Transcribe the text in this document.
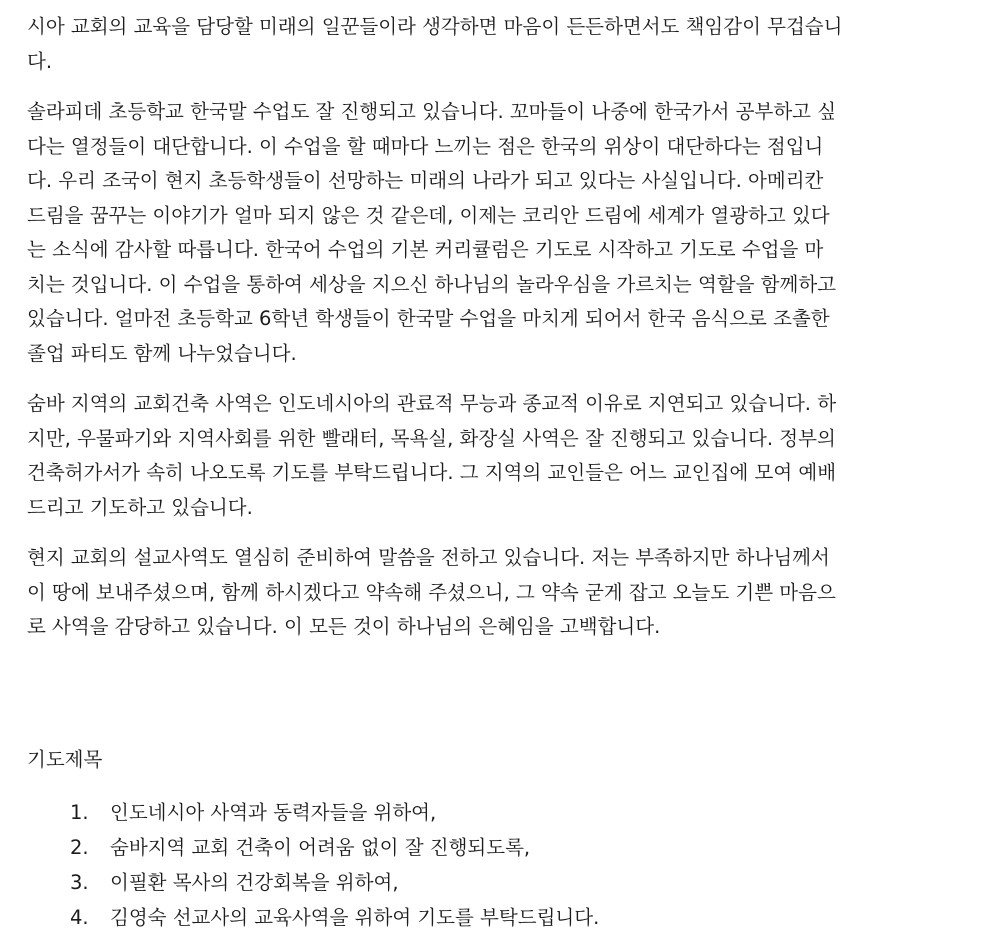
시아 교회의 교육을 담당할 미래의 일꾼들이라 생각하면 마음이 든든하면서도 책임감이 무겁습니
다.

솔라피데 초등학교 한국말 수업도 잘 진행되고 있습니다. 꼬마들이 나중에 한국가서 공부하고 싶
다는 열정들이 대단합니다. 이 수업을 할 때마다 느끼는 점은 한국의 위상이 대단하다는 점입니
다. 우리 조국이 현지 초등학생들이 선망하는 미래의 나라가 되고 있다는 사실입니다. 아메리칸
드림을 꿈꾸는 이야기가 얼마 되지 않은 것 같은데, 이제는 코리안 드림에 세계가 열광하고 있다
는 소식에 감사할 따릅니다. 한국어 수업의 기본 커리큘럼은 기도로 시작하고 기도로 수업을 마
치는 것입니다. 이 수업을 통하여 세상을 지으신 하나님의 놀라우심을 가르치는 역할을 함께하고
있습니다. 얼마전 초등학교 6학년 학생들이 한국말 수업을 마치게 되어서 한국 음식으로 조촐한
졸업 파티도 함께 나누었습니다.

숨바 지역의 교회건축 사역은 인도네시아의 관료적 무능과 종교적 이유로 지연되고 있습니다. 하
지만, 우물파기와 지역사회를 위한 빨래터, 목욕실, 화장실 사역은 잘 진행되고 있습니다. 정부의
건축허가서가 속히 나오도록 기도를 부탁드립니다. 그 지역의 교인들은 어느 교인집에 모여 예배
드리고 기도하고 있습니다.

현지 교회의 설교사역도 열심히 준비하여 말씀을 전하고 있습니다. 저는 부족하지만 하나님께서
이 땅에 보내주셨으며, 함께 하시겠다고 약속해 주셨으니, 그 약속 굳게 잡고 오늘도 기쁜 마음으
로 사역을 감당하고 있습니다. 이 모든 것이 하나님의 은혜임을 고백합니다.

기도제목
1. 인도네시아 사역과 동력자들을 위하여,
2. 숨바지역 교회 건축이 어려움 없이 잘 진행되도록,
3. 이필환 목사의 건강회복을 위하여,
4. 김영숙 선교사의 교육사역을 위하여 기도를 부탁드립니다.
